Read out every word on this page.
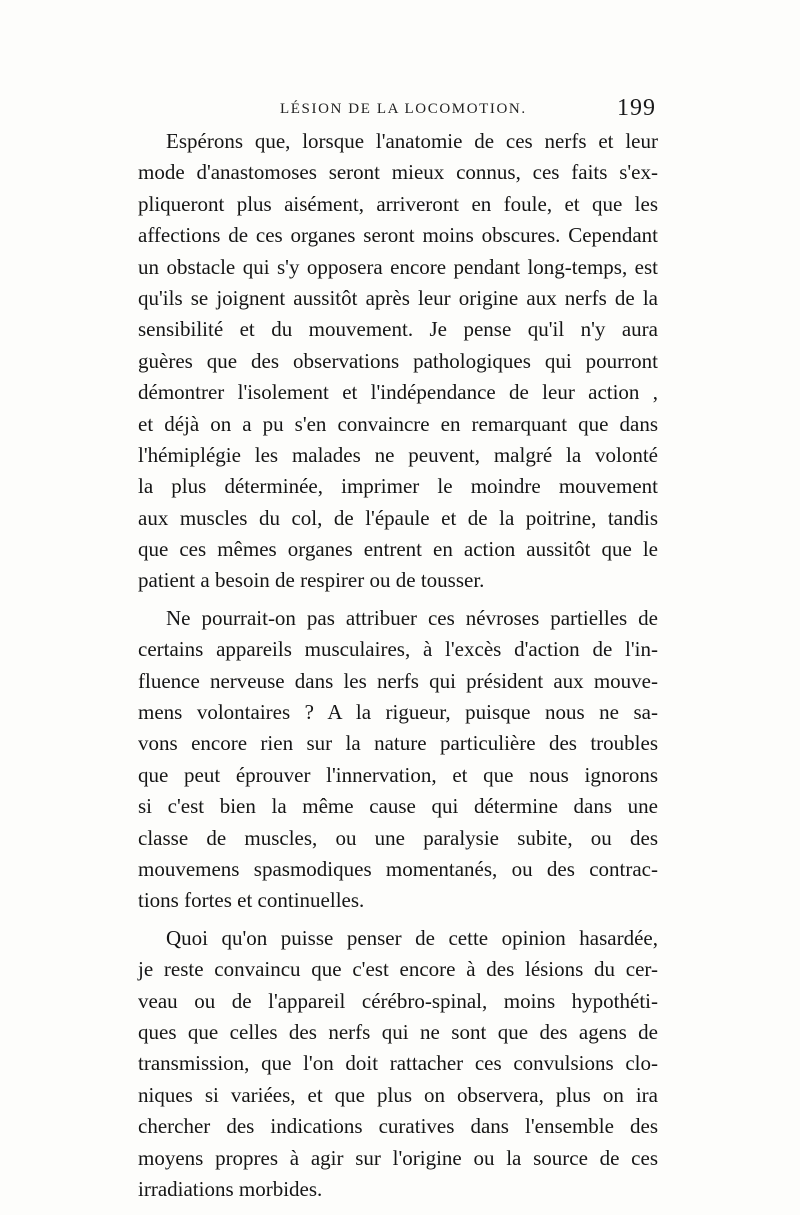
LÉSION DE LA LOCOMOTION.	199
Espérons que, lorsque l'anatomie de ces nerfs et leur
mode d'anastomoses seront mieux connus, ces faits s'ex-
pliqueront plus aisément, arriveront en foule, et que les
affections de ces organes seront moins obscures. Cependant
un obstacle qui s'y opposera encore pendant long-temps, est
qu'ils se joignent aussitôt après leur origine aux nerfs de la
sensibilité et du mouvement. Je pense qu'il n'y aura
guères que des observations pathologiques qui pourront
démontrer l'isolement et l'indépendance de leur action ,
et déjà on a pu s'en convaincre en remarquant que dans
l'hémiplégie les malades ne peuvent, malgré la volonté
la plus déterminée, imprimer le moindre mouvement
aux muscles du col, de l'épaule et de la poitrine, tandis
que ces mêmes organes entrent en action aussitôt que le
patient a besoin de respirer ou de tousser.
Ne pourrait-on pas attribuer ces névroses partielles de
certains appareils musculaires, à l'excès d'action de l'in-
fluence nerveuse dans les nerfs qui président aux mouve-
mens volontaires ? A la rigueur, puisque nous ne sa-
vons encore rien sur la nature particulière des troubles
que peut éprouver l'innervation, et que nous ignorons
si c'est bien la même cause qui détermine dans une
classe de muscles, ou une paralysie subite, ou des
mouvemens spasmodiques momentanés, ou des contrac-
tions fortes et continuelles.
Quoi qu'on puisse penser de cette opinion hasardée,
je reste convaincu que c'est encore à des lésions du cer-
veau ou de l'appareil cérébro-spinal, moins hypothéti-
ques que celles des nerfs qui ne sont que des agens de
transmission, que l'on doit rattacher ces convulsions clo-
niques si variées, et que plus on observera, plus on ira
chercher des indications curatives dans l'ensemble des
moyens propres à agir sur l'origine ou la source de ces
irradiations morbides.
